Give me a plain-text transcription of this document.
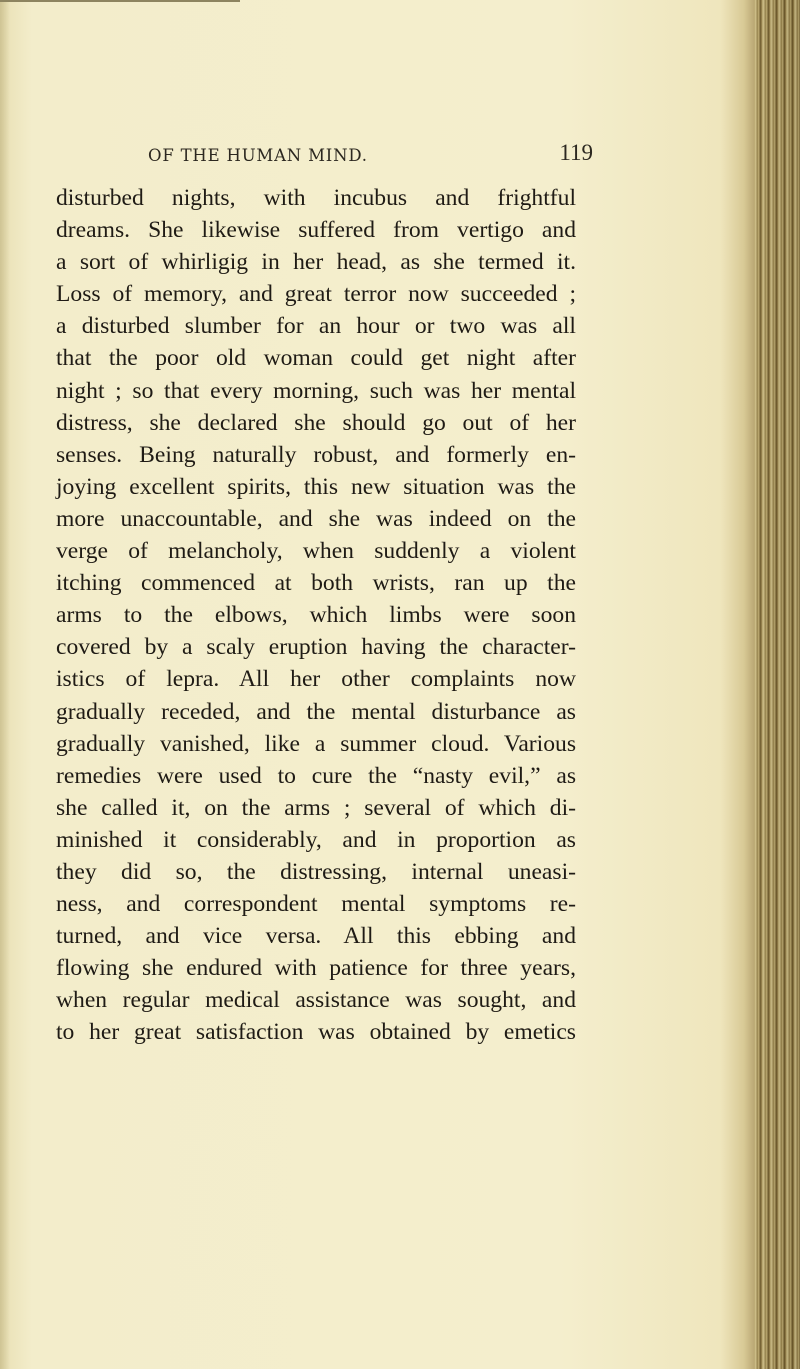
OF THE HUMAN MIND.	119
disturbed nights, with incubus and frightful
dreams. She likewise suffered from vertigo and
a sort of whirligig in her head, as she termed it.
Loss of memory, and great terror now succeeded ;
a disturbed slumber for an hour or two was all
that the poor old woman could get night after
night ; so that every morning, such was her mental
distress, she declared she should go out of her
senses. Being naturally robust, and formerly en-
joying excellent spirits, this new situation was the
more unaccountable, and she was indeed on the
verge of melancholy, when suddenly a violent
itching commenced at both wrists, ran up the
arms to the elbows, which limbs were soon
covered by a scaly eruption having the character-
istics of lepra. All her other complaints now
gradually receded, and the mental disturbance as
gradually vanished, like a summer cloud. Various
remedies were used to cure the “nasty evil,” as
she called it, on the arms ; several of which di-
minished it considerably, and in proportion as
they did so, the distressing, internal uneasi-
ness, and correspondent mental symptoms re-
turned, and vice versa. All this ebbing and
flowing she endured with patience for three years,
when regular medical assistance was sought, and
to her great satisfaction was obtained by emetics
